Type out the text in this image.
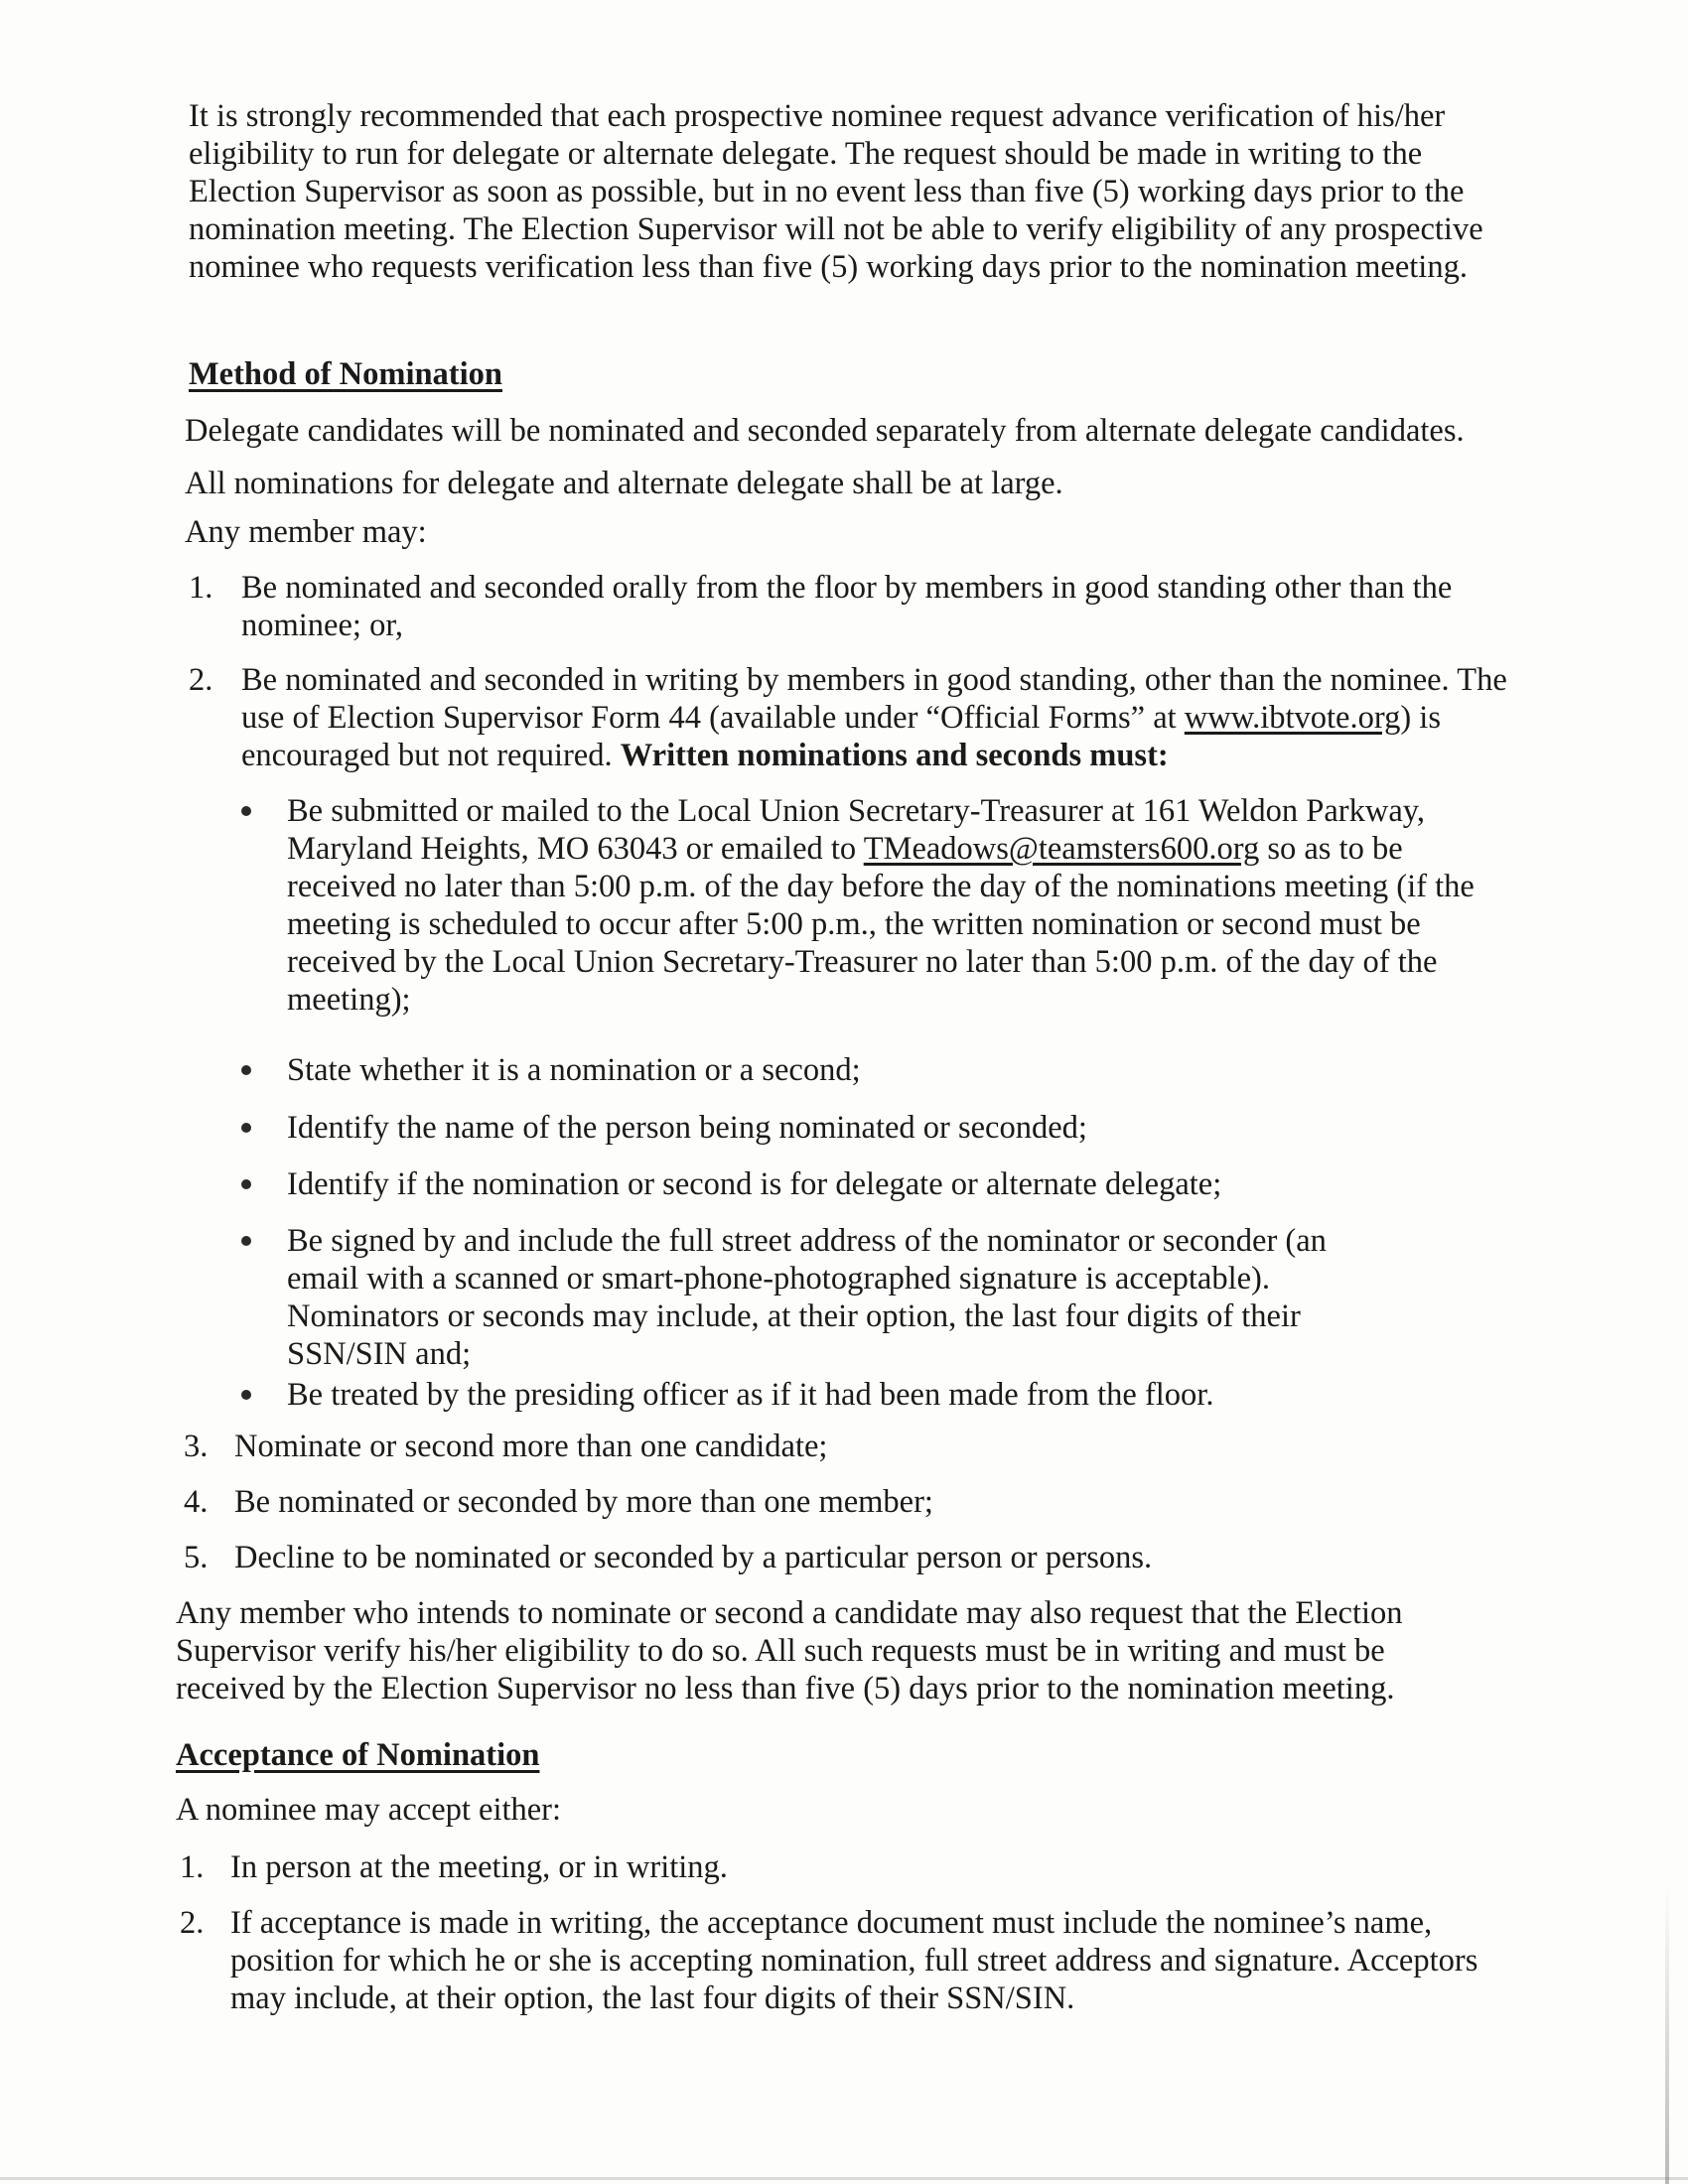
It is strongly recommended that each prospective nominee request advance verification of his/her eligibility to run for delegate or alternate delegate. The request should be made in writing to the Election Supervisor as soon as possible, but in no event less than five (5) working days prior to the nomination meeting. The Election Supervisor will not be able to verify eligibility of any prospective nominee who requests verification less than five (5) working days prior to the nomination meeting.
Method of Nomination
Delegate candidates will be nominated and seconded separately from alternate delegate candidates.
All nominations for delegate and alternate delegate shall be at large.
Any member may:
1. Be nominated and seconded orally from the floor by members in good standing other than the nominee; or,
2. Be nominated and seconded in writing by members in good standing, other than the nominee. The use of Election Supervisor Form 44 (available under “Official Forms” at www.ibtvote.org) is encouraged but not required. Written nominations and seconds must:
Be submitted or mailed to the Local Union Secretary-Treasurer at 161 Weldon Parkway, Maryland Heights, MO 63043 or emailed to TMeadows@teamsters600.org so as to be received no later than 5:00 p.m. of the day before the day of the nominations meeting (if the meeting is scheduled to occur after 5:00 p.m., the written nomination or second must be received by the Local Union Secretary-Treasurer no later than 5:00 p.m. of the day of the meeting);
State whether it is a nomination or a second;
Identify the name of the person being nominated or seconded;
Identify if the nomination or second is for delegate or alternate delegate;
Be signed by and include the full street address of the nominator or seconder (an email with a scanned or smart-phone-photographed signature is acceptable). Nominators or seconds may include, at their option, the last four digits of their SSN/SIN and;
Be treated by the presiding officer as if it had been made from the floor.
3. Nominate or second more than one candidate;
4. Be nominated or seconded by more than one member;
5. Decline to be nominated or seconded by a particular person or persons.
Any member who intends to nominate or second a candidate may also request that the Election Supervisor verify his/her eligibility to do so. All such requests must be in writing and must be received by the Election Supervisor no less than five (5) days prior to the nomination meeting.
Acceptance of Nomination
A nominee may accept either:
1. In person at the meeting, or in writing.
2. If acceptance is made in writing, the acceptance document must include the nominee’s name, position for which he or she is accepting nomination, full street address and signature. Acceptors may include, at their option, the last four digits of their SSN/SIN.
